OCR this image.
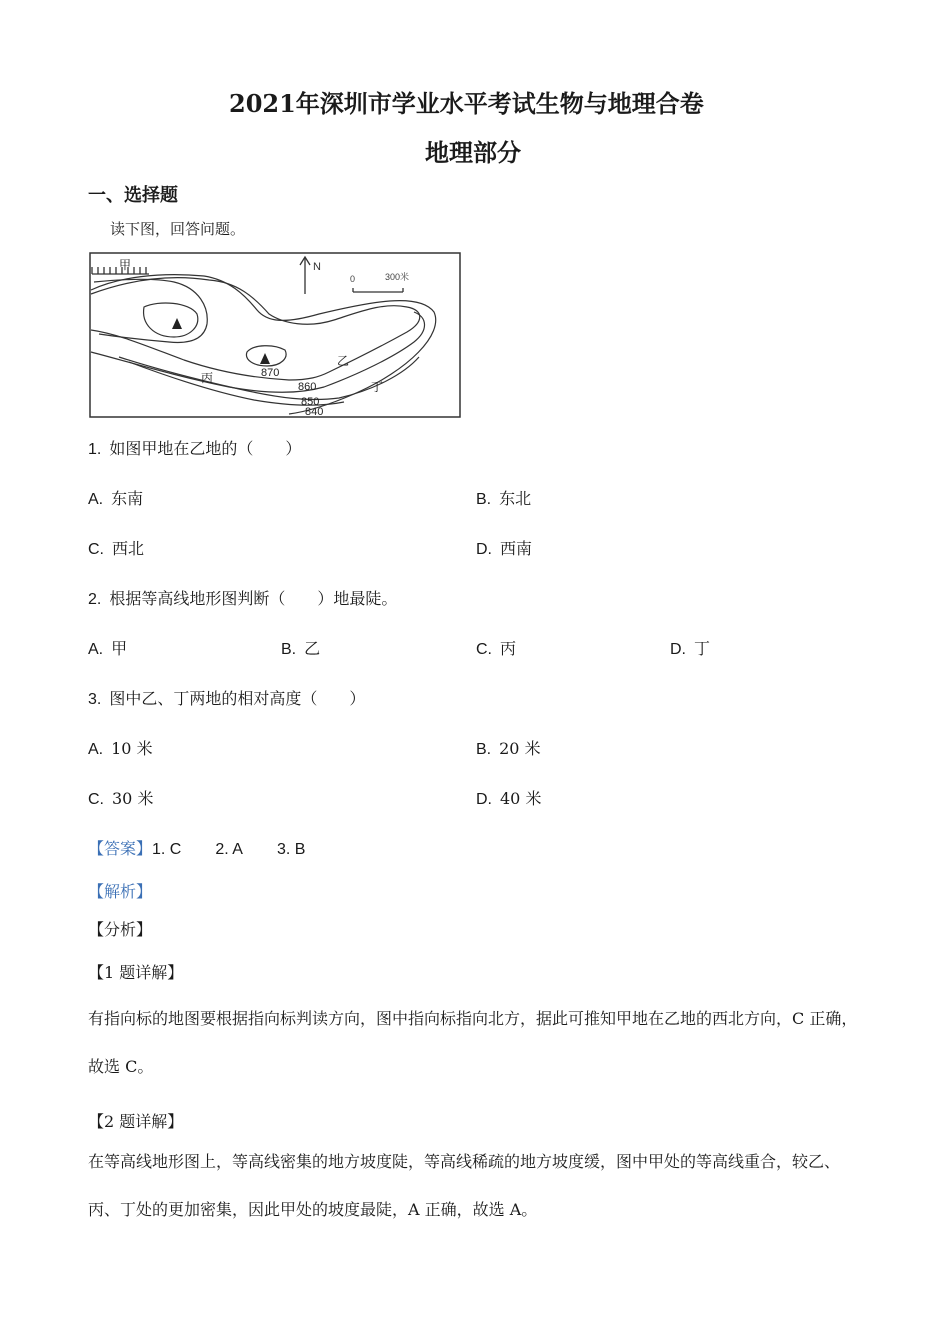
2021年深圳市学业水平考试生物与地理合卷
地理部分
一、选择题
读下图，回答问题。
N
0	300米
甲
乙
丙
丁
870
860
850
840
1. 如图甲地在乙地的（　　）
A. 东南	B. 东北
C. 西北	D. 西南
2. 根据等高线地形图判断（　　）地最陡。
A. 甲	B. 乙	C. 丙	D. 丁
3. 图中乙、丁两地的相对高度（　　）
A. 10 米	B. 20 米
C. 30 米	D. 40 米
【答案】1. C 2. A 3. B
【解析】
【分析】
【1 题详解】
有指向标的地图要根据指向标判读方向，图中指向标指向北方，据此可推知甲地在乙地的西北方向，C 正确，故选 C。
【2 题详解】
在等高线地形图上，等高线密集的地方坡度陡，等高线稀疏的地方坡度缓，图中甲处的等高线重合，较乙、丙、丁处的更加密集，因此甲处的坡度最陡，A 正确，故选 A。
